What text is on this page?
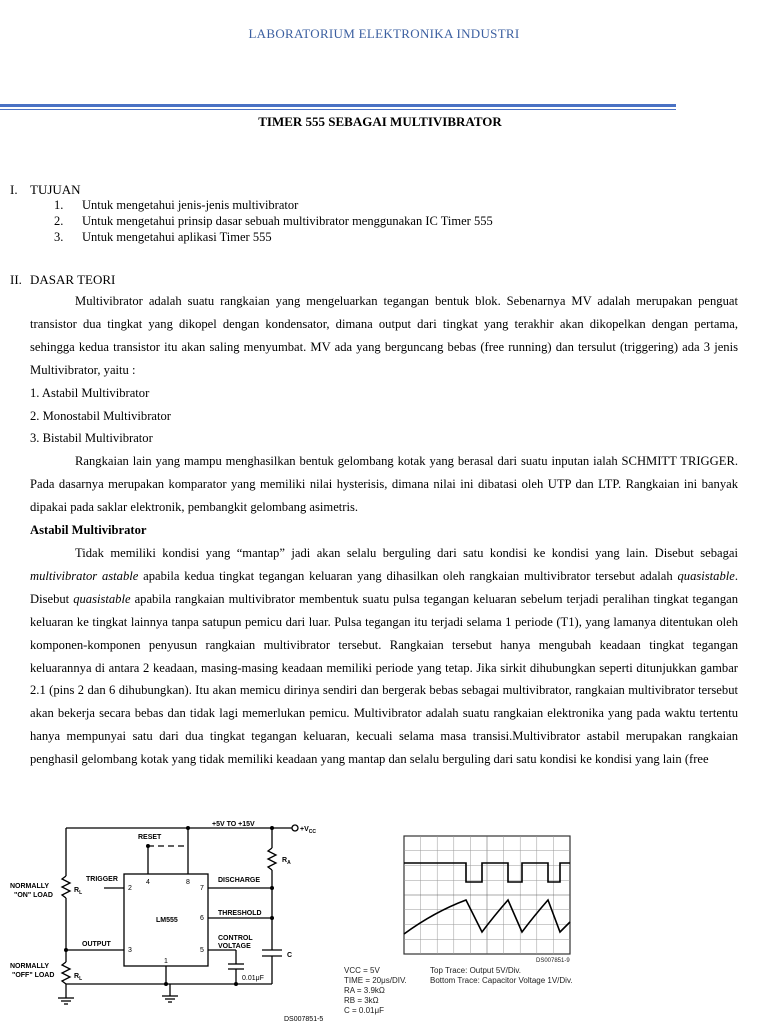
LABORATORIUM ELEKTRONIKA INDUSTRI
TIMER 555 SEBAGAI MULTIVIBRATOR
I. TUJUAN
1. Untuk mengetahui jenis-jenis multivibrator
2. Untuk mengetahui prinsip dasar sebuah multivibrator menggunakan IC Timer 555
3. Untuk mengetahui aplikasi Timer 555
II. DASAR TEORI

Multivibrator adalah suatu rangkaian yang mengeluarkan tegangan bentuk blok. Sebenarnya MV adalah merupakan penguat transistor dua tingkat yang dikopel dengan kondensator, dimana output dari tingkat yang terakhir akan dikopelkan dengan pertama, sehingga kedua transistor itu akan saling menyumbat. MV ada yang berguncang bebas (free running) dan tersulut (triggering) ada 3 jenis Multivibrator, yaitu :

1. Astabil Multivibrator

2. Monostabil Multivibrator

3. Bistabil Multivibrator

Rangkaian lain yang mampu menghasilkan bentuk gelombang kotak yang berasal dari suatu inputan ialah SCHMITT TRIGGER. Pada dasarnya merupakan komparator yang memiliki nilai hysterisis, dimana nilai ini dibatasi oleh UTP dan LTP. Rangkaian ini banyak dipakai pada saklar elektronik, pembangkit gelombang asimetris.

Astabil Multivibrator

Tidak memiliki kondisi yang “mantap” jadi akan selalu berguling dari satu kondisi ke kondisi yang lain. Disebut sebagai multivibrator astable apabila kedua tingkat tegangan keluaran yang dihasilkan oleh rangkaian multivibrator tersebut adalah quasistable. Disebut quasistable apabila rangkaian multivibrator membentuk suatu pulsa tegangan keluaran sebelum terjadi peralihan tingkat tegangan keluaran ke tingkat lainnya tanpa satupun pemicu dari luar. Pulsa tegangan itu terjadi selama 1 periode (T1), yang lamanya ditentukan oleh komponen-komponen penyusun rangkaian multivibrator tersebut. Rangkaian tersebut hanya mengubah keadaan tingkat tegangan keluarannya di antara 2 keadaan, masing-masing keadaan memiliki periode yang tetap. Jika sirkit dihubungkan seperti ditunjukkan gambar 2.1 (pins 2 dan 6 dihubungkan). Itu akan memicu dirinya sendiri dan bergerak bebas sebagai multivibrator, rangkaian multivibrator tersebut akan bekerja secara bebas dan tidak lagi memerlukan pemicu. Multivibrator adalah suatu rangkaian elektronika yang pada waktu tertentu hanya mempunyai satu dari dua tingkat tegangan keluaran, kecuali selama masa transisi.Multivibrator astabil merupakan rangkaian penghasil gelombang kotak yang tidak memiliki keadaan yang mantap dan selalu berguling dari satu kondisi ke kondisi yang lain (free

+5V TO +15V
$+V_{CC}$
RESET
TRIGGER	DISCHARGE
THRESHOLD
CONTROL
VOLTAGE
OUTPUT
LM555
NORMALLY
"ON" LOAD
NORMALLY
"OFF" LOAD
$R_L$
$R_L$
$R_A$
C
0.01μF
4	8
2	7
6
5
3
1
DS007851-5
DS007851-9
VCC = 5V
TIME = 20μs/DIV.
RA = 3.9kΩ
RB = 3kΩ
C = 0.01μF
Top Trace: Output 5V/Div.
Bottom Trace: Capacitor Voltage 1V/Div.
